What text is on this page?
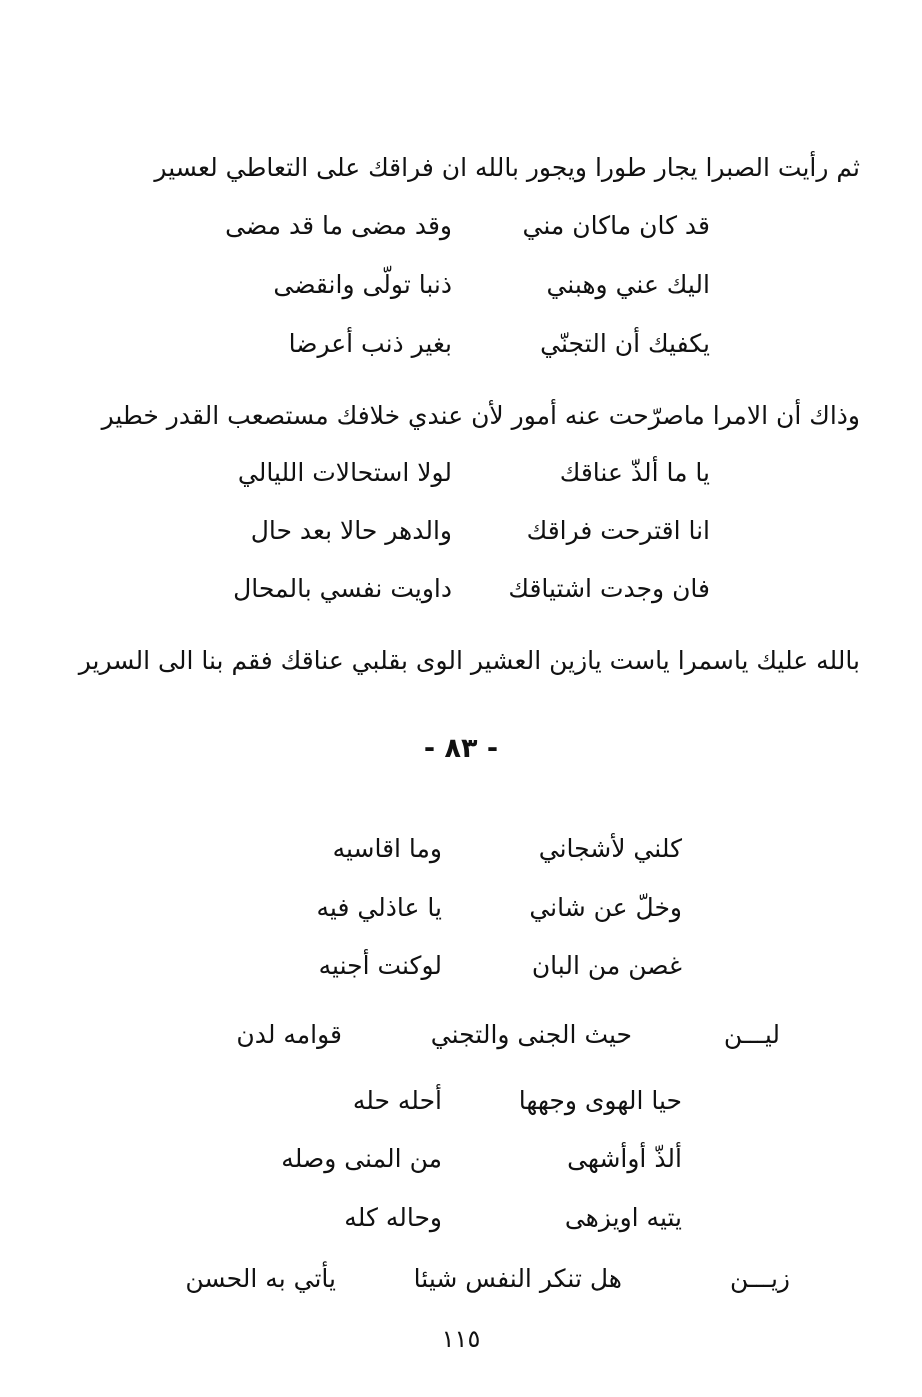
ثم رأيت الصبرا يجار طورا ويجور بالله ان فراقك على التعاطي لعسير
قد كان ماكان مني
وقد مضى ما قد مضى
اليك عني وهبني
ذنبا تولّى وانقضى
يكفيك أن التجنّي
بغير ذنب أعرضا
وذاك أن الامرا ماصرّحت عنه أمور لأن عندي خلافك مستصعب القدر خطير
يا ما ألذّ عناقك
لولا استحالات الليالي
انا اقترحت فراقك
والدهر حالا بعد حال
فان وجدت اشتياقك
داويت نفسي بالمحال
بالله عليك ياسمرا ياست يازين العشير الوى بقلبي عناقك فقم بنا الى السرير
- ٨٣ -
كلني لأشجاني
وما اقاسيه
وخلّ عن شاني
يا عاذلي فيه
غصن من البان
لوكنت أجنيه
ليـــن
حيث الجنى والتجني
قوامه لدن
حيا الهوى وجهها
أحله حله
ألذّ أوأشهى
من المنى وصله
يتيه اويزهى
وحاله كله
زيـــن
هل تنكر النفس شيئا
يأتي به الحسن
١١٥
